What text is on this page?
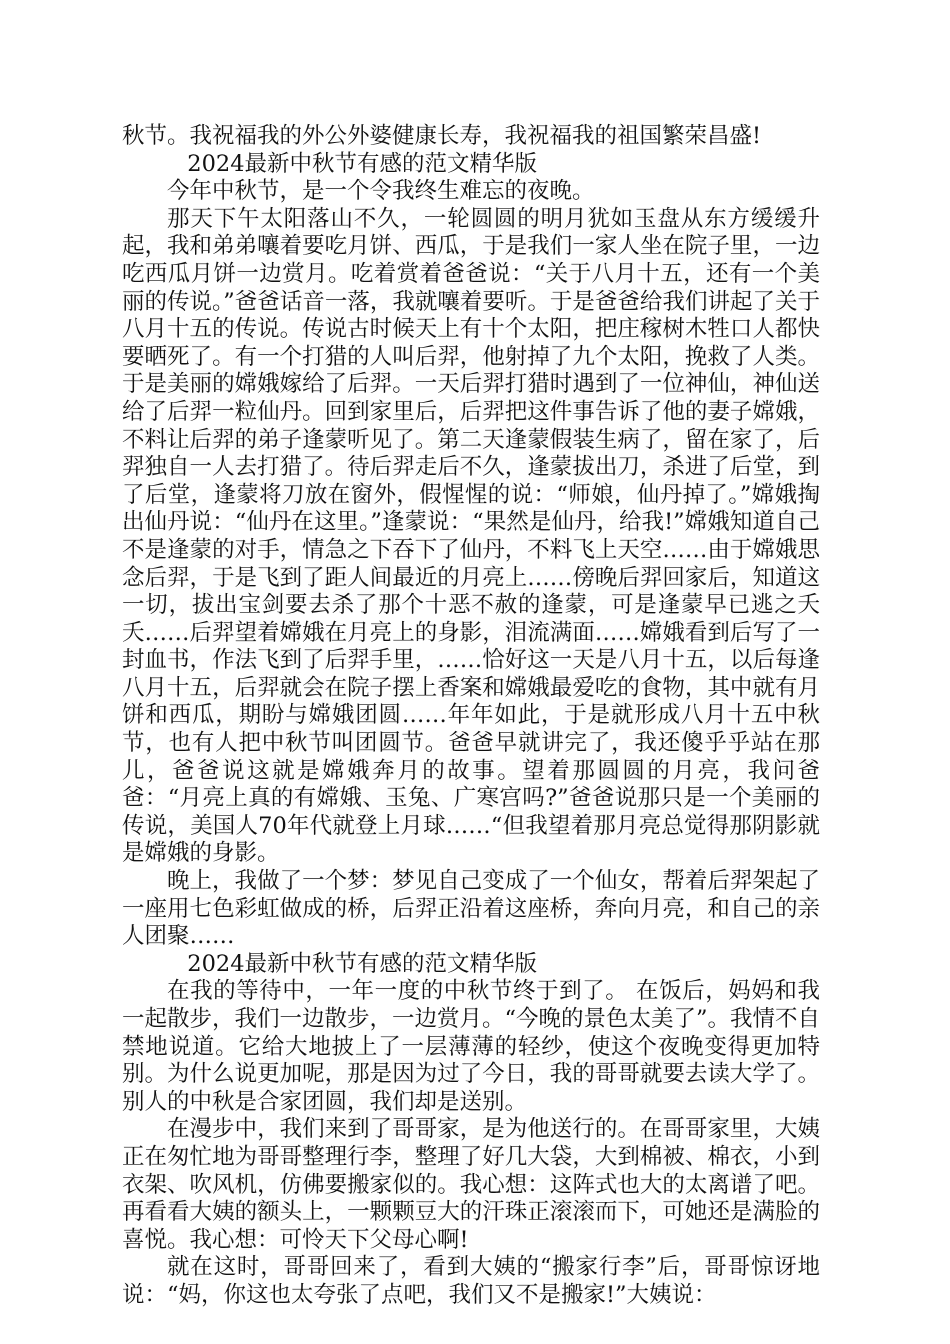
秋节。我祝福我的外公外婆健康长寿，我祝福我的祖国繁荣昌盛!

2024最新中秋节有感的范文精华版

今年中秋节，是一个令我终生难忘的夜晚。

那天下午太阳落山不久，一轮圆圆的明月犹如玉盘从东方缓缓升起，我和弟弟嚷着要吃月饼、西瓜，于是我们一家人坐在院子里，一边吃西瓜月饼一边赏月。吃着赏着爸爸说：“关于八月十五，还有一个美丽的传说。”爸爸话音一落，我就嚷着要听。于是爸爸给我们讲起了关于八月十五的传说。传说古时候天上有十个太阳，把庄稼树木牲口人都快要晒死了。有一个打猎的人叫后羿，他射掉了九个太阳，挽救了人类。于是美丽的嫦娥嫁给了后羿。一天后羿打猎时遇到了一位神仙，神仙送给了后羿一粒仙丹。回到家里后，后羿把这件事告诉了他的妻子嫦娥，不料让后羿的弟子逢蒙听见了。第二天逢蒙假装生病了，留在家了，后羿独自一人去打猎了。待后羿走后不久，逢蒙拔出刀，杀进了后堂，到了后堂，逢蒙将刀放在窗外，假惺惺的说：“师娘，仙丹掉了。”嫦娥掏出仙丹说：“仙丹在这里。”逢蒙说：“果然是仙丹，给我!”嫦娥知道自己不是逢蒙的对手，情急之下吞下了仙丹，不料飞上天空……由于嫦娥思念后羿，于是飞到了距人间最近的月亮上……傍晚后羿回家后，知道这一切，拔出宝剑要去杀了那个十恶不赦的逢蒙，可是逢蒙早已逃之夭夭……后羿望着嫦娥在月亮上的身影，泪流满面……嫦娥看到后写了一封血书，作法飞到了后羿手里，……恰好这一天是八月十五，以后每逢八月十五，后羿就会在院子摆上香案和嫦娥最爱吃的食物，其中就有月饼和西瓜，期盼与嫦娥团圆……年年如此，于是就形成八月十五中秋节，也有人把中秋节叫团圆节。爸爸早就讲完了，我还傻乎乎站在那儿，爸爸说这就是嫦娥奔月的故事。望着那圆圆的月亮，我问爸爸：“月亮上真的有嫦娥、玉兔、广寒宫吗?”爸爸说那只是一个美丽的传说，美国人70年代就登上月球……“但我望着那月亮总觉得那阴影就是嫦娥的身影。

晚上，我做了一个梦：梦见自己变成了一个仙女，帮着后羿架起了一座用七色彩虹做成的桥，后羿正沿着这座桥，奔向月亮，和自己的亲人团聚……

2024最新中秋节有感的范文精华版

在我的等待中，一年一度的中秋节终于到了。 在饭后，妈妈和我一起散步，我们一边散步，一边赏月。“今晚的景色太美了”。我情不自禁地说道。它给大地披上了一层薄薄的轻纱，使这个夜晚变得更加特别。为什么说更加呢，那是因为过了今日，我的哥哥就要去读大学了。别人的中秋是合家团圆，我们却是送别。

在漫步中，我们来到了哥哥家，是为他送行的。在哥哥家里，大姨正在匆忙地为哥哥整理行李，整理了好几大袋，大到棉被、棉衣，小到衣架、吹风机，仿佛要搬家似的。我心想：这阵式也大的太离谱了吧。再看看大姨的额头上，一颗颗豆大的汗珠正滚滚而下，可她还是满脸的喜悦。我心想：可怜天下父母心啊!

就在这时，哥哥回来了，看到大姨的“搬家行李”后，哥哥惊讶地说：“妈，你这也太夸张了点吧，我们又不是搬家!”大姨说：
